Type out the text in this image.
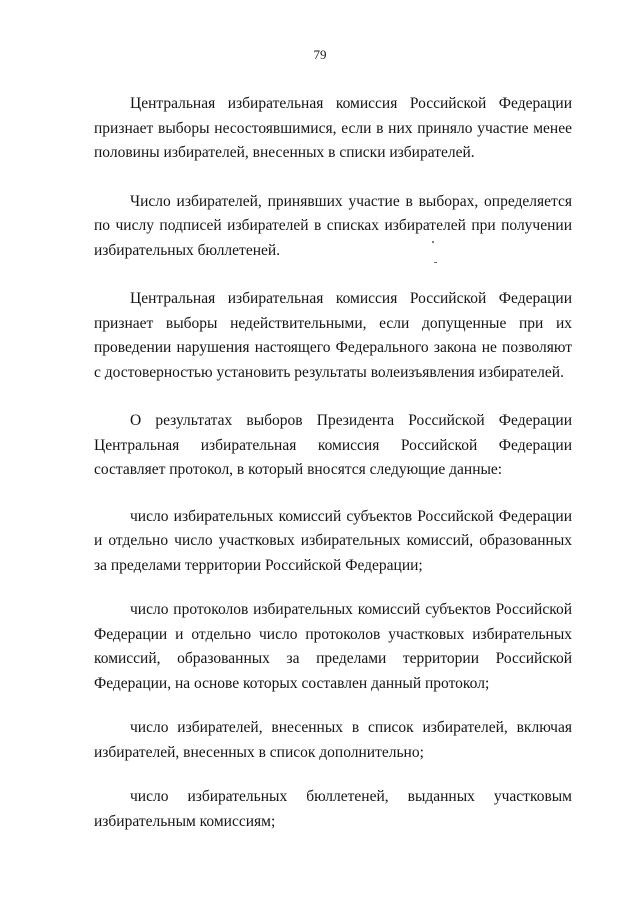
79

Центральная избирательная комиссия Российской Федерации признает выборы несостоявшимися, если в них приняло участие менее половины избирателей, внесенных в списки избирателей.

Число избирателей, принявших участие в выборах, определяется по числу подписей избирателей в списках избирателей при получении избирательных бюллетеней.

Центральная избирательная комиссия Российской Федерации признает выборы недействительными, если допущенные при их проведении нарушения настоящего Федерального закона не позволяют с достоверностью установить результаты волеизъявления избирателей.

О результатах выборов Президента Российской Федерации Центральная избирательная комиссия Российской Федерации составляет протокол, в который вносятся следующие данные:

число избирательных комиссий субъектов Российской Федерации и отдельно число участковых избирательных комиссий, образованных за пределами территории Российской Федерации;

число протоколов избирательных комиссий субъектов Российской Федерации и отдельно число протоколов участковых избирательных комиссий, образованных за пределами территории Российской Федерации, на основе которых составлен данный протокол;

число избирателей, внесенных в список избирателей, включая избирателей, внесенных в список дополнительно;

число избирательных бюллетеней, выданных участковым избирательным комиссиям;
